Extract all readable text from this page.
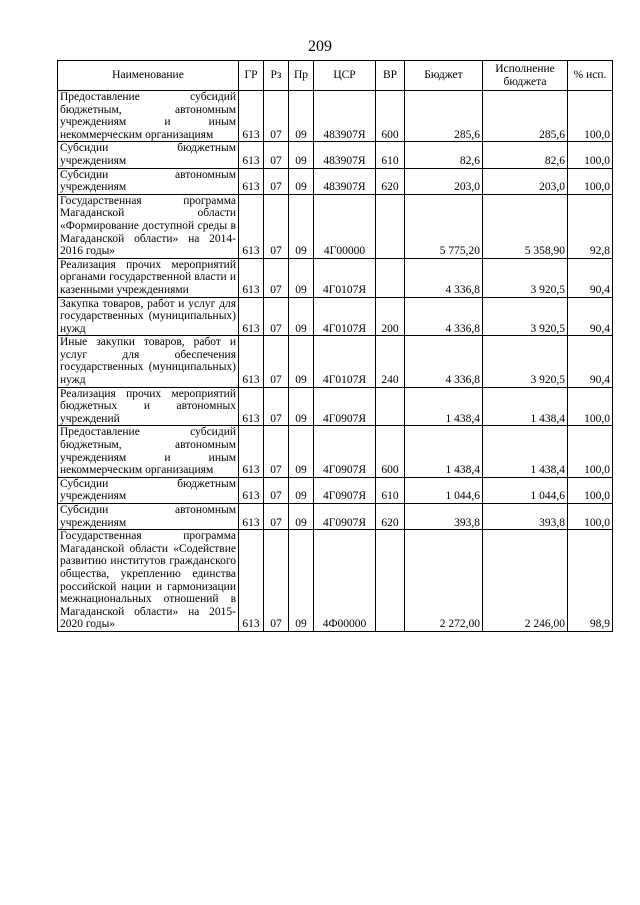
209
Наименование	ГР	Рз	Пр	ЦСР	ВР	Бюджет	Исполнение бюджета	% исп.
Предоставление субсидий бюджетным, автономным учреждениям и иным некоммерческим организациям	613	07	09	483907Я	600	285,6	285,6	100,0
Субсидии бюджетным учреждениям	613	07	09	483907Я	610	82,6	82,6	100,0
Субсидии автономным учреждениям	613	07	09	483907Я	620	203,0	203,0	100,0
Государственная программа Магаданской области «Формирование доступной среды в Магаданской области» на 2014-2016 годы»	613	07	09	4Г00000		5 775,20	5 358,90	92,8
Реализация прочих мероприятий органами государственной власти и казенными учреждениями	613	07	09	4Г0107Я		4 336,8	3 920,5	90,4
Закупка товаров, работ и услуг для государственных (муниципальных) нужд	613	07	09	4Г0107Я	200	4 336,8	3 920,5	90,4
Иные закупки товаров, работ и услуг для обеспечения государственных (муниципальных) нужд	613	07	09	4Г0107Я	240	4 336,8	3 920,5	90,4
Реализация прочих мероприятий бюджетных и автономных учреждений	613	07	09	4Г0907Я		1 438,4	1 438,4	100,0
Предоставление субсидий бюджетным, автономным учреждениям и иным некоммерческим организациям	613	07	09	4Г0907Я	600	1 438,4	1 438,4	100,0
Субсидии бюджетным учреждениям	613	07	09	4Г0907Я	610	1 044,6	1 044,6	100,0
Субсидии автономным учреждениям	613	07	09	4Г0907Я	620	393,8	393,8	100,0
Государственная программа Магаданской области «Содействие развитию институтов гражданского общества, укреплению единства российской нации и гармонизации межнациональных отношений в Магаданской области» на 2015-2020 годы»	613	07	09	4Ф00000		2 272,00	2 246,00	98,9
